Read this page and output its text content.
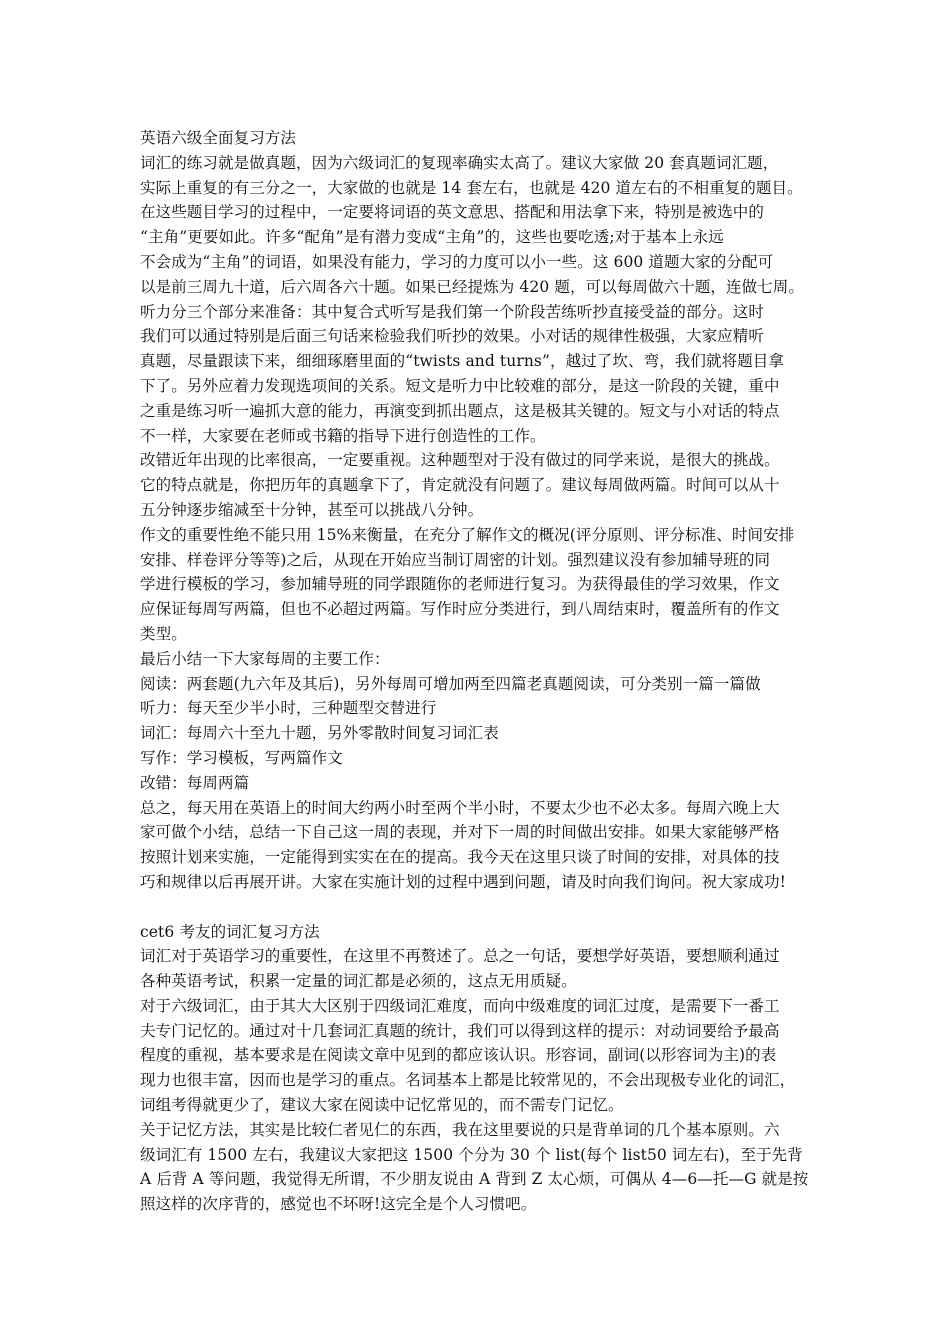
英语六级全面复习方法
词汇的练习就是做真题，因为六级词汇的复现率确实太高了。建议大家做 20 套真题词汇题，
实际上重复的有三分之一，大家做的也就是 14 套左右，也就是 420 道左右的不相重复的题目。
在这些题目学习的过程中，一定要将词语的英文意思、搭配和用法拿下来，特别是被选中的
“主角”更要如此。许多“配角”是有潜力变成“主角”的，这些也要吃透;对于基本上永远
不会成为“主角”的词语，如果没有能力，学习的力度可以小一些。这 600 道题大家的分配可
以是前三周九十道，后六周各六十题。如果已经提炼为 420 题，可以每周做六十题，连做七周。
听力分三个部分来准备：其中复合式听写是我们第一个阶段苦练听抄直接受益的部分。这时
我们可以通过特别是后面三句话来检验我们听抄的效果。小对话的规律性极强，大家应精听
真题，尽量跟读下来，细细琢磨里面的“twists and turns”，越过了坎、弯，我们就将题目拿
下了。另外应着力发现选项间的关系。短文是听力中比较难的部分，是这一阶段的关键，重中
之重是练习听一遍抓大意的能力，再演变到抓出题点，这是极其关键的。短文与小对话的特点
不一样，大家要在老师或书籍的指导下进行创造性的工作。
改错近年出现的比率很高，一定要重视。这种题型对于没有做过的同学来说，是很大的挑战。
它的特点就是，你把历年的真题拿下了，肯定就没有问题了。建议每周做两篇。时间可以从十
五分钟逐步缩减至十分钟，甚至可以挑战八分钟。
作文的重要性绝不能只用 15%来衡量，在充分了解作文的概况(评分原则、评分标准、时间安排
安排、样卷评分等等)之后，从现在开始应当制订周密的计划。强烈建议没有参加辅导班的同
学进行模板的学习，参加辅导班的同学跟随你的老师进行复习。为获得最佳的学习效果，作文
应保证每周写两篇，但也不必超过两篇。写作时应分类进行，到八周结束时，覆盖所有的作文
类型。
最后小结一下大家每周的主要工作：
阅读：两套题(九六年及其后)，另外每周可增加两至四篇老真题阅读，可分类别一篇一篇做
听力：每天至少半小时，三种题型交替进行
词汇：每周六十至九十题，另外零散时间复习词汇表
写作：学习模板，写两篇作文
改错：每周两篇
总之，每天用在英语上的时间大约两小时至两个半小时，不要太少也不必太多。每周六晚上大
家可做个小结，总结一下自己这一周的表现，并对下一周的时间做出安排。如果大家能够严格
按照计划来实施，一定能得到实实在在的提高。我今天在这里只谈了时间的安排，对具体的技
巧和规律以后再展开讲。大家在实施计划的过程中遇到问题，请及时向我们询问。祝大家成功!
cet6 考友的词汇复习方法
词汇对于英语学习的重要性，在这里不再赘述了。总之一句话，要想学好英语，要想顺利通过
各种英语考试，积累一定量的词汇都是必须的，这点无用质疑。
对于六级词汇，由于其大大区别于四级词汇难度，而向中级难度的词汇过度，是需要下一番工
夫专门记忆的。通过对十几套词汇真题的统计，我们可以得到这样的提示：对动词要给予最高
程度的重视，基本要求是在阅读文章中见到的都应该认识。形容词，副词(以形容词为主)的表
现力也很丰富，因而也是学习的重点。名词基本上都是比较常见的，不会出现极专业化的词汇，
词组考得就更少了，建议大家在阅读中记忆常见的，而不需专门记忆。
关于记忆方法，其实是比较仁者见仁的东西，我在这里要说的只是背单词的几个基本原则。六
级词汇有 1500 左右，我建议大家把这 1500 个分为 30 个 list(每个 list50 词左右)，至于先背
A 后背 A 等问题，我觉得无所谓，不少朋友说由 A 背到 Z 太心烦，可偶从 4—6—托—G 就是按
照这样的次序背的，感觉也不坏呀!这完全是个人习惯吧。
